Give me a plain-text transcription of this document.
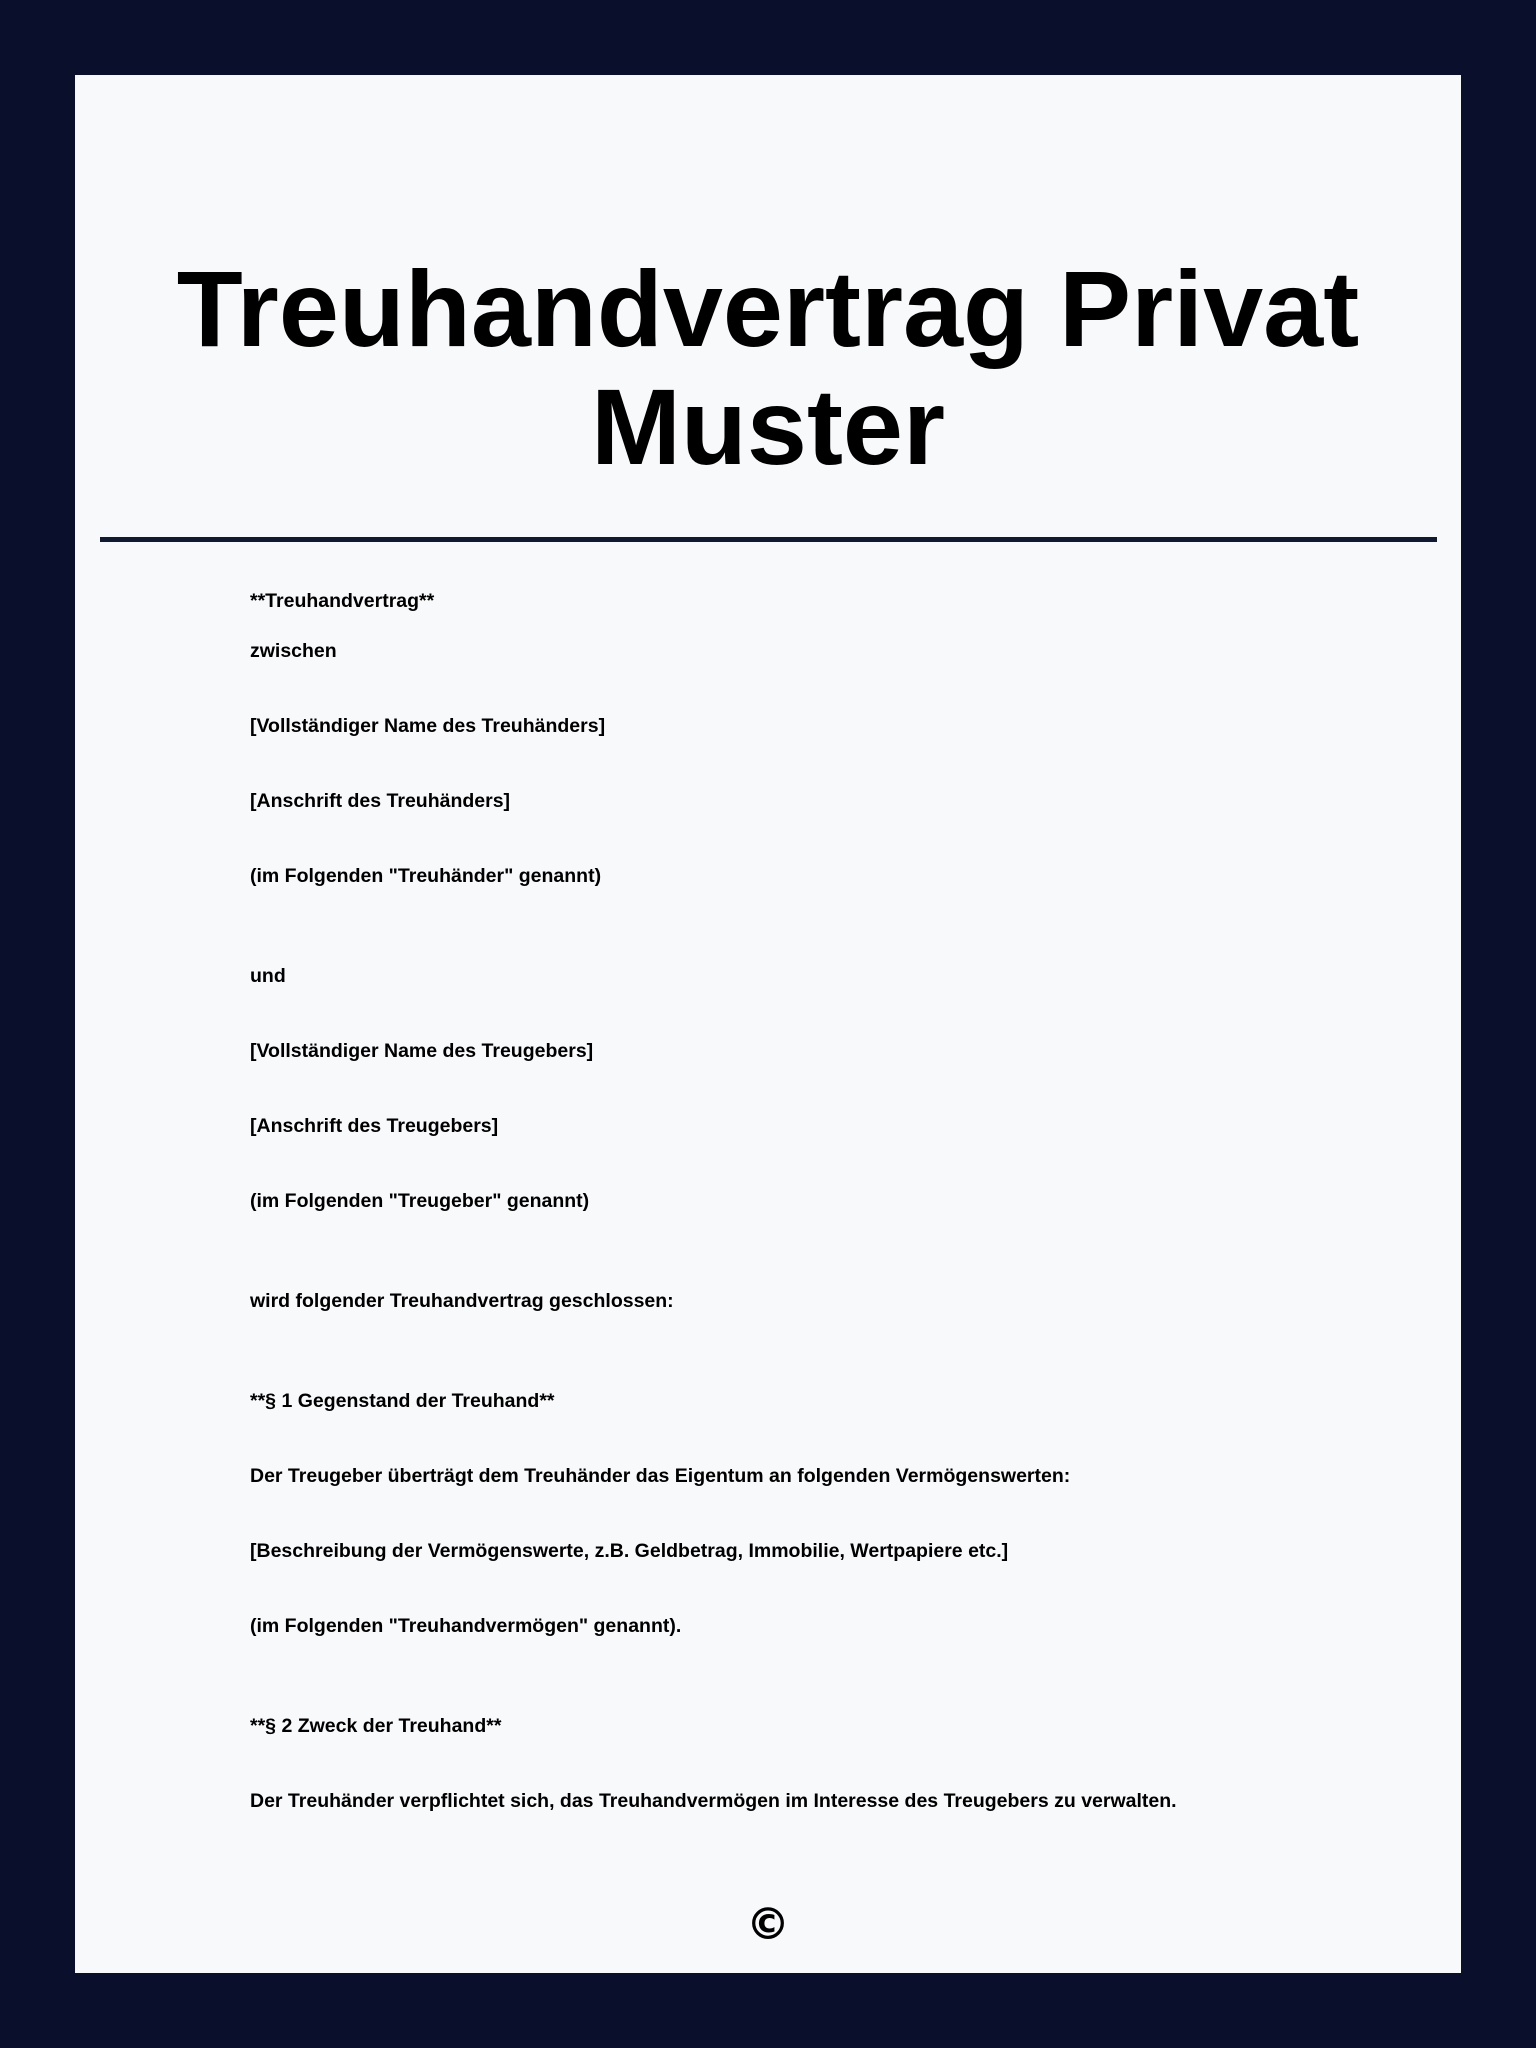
Treuhandvertrag Privat Muster

**Treuhandvertrag**

zwischen

[Vollständiger Name des Treuhänders]

[Anschrift des Treuhänders]

(im Folgenden "Treuhänder" genannt)

und

[Vollständiger Name des Treugebers]

[Anschrift des Treugebers]

(im Folgenden "Treugeber" genannt)

wird folgender Treuhandvertrag geschlossen:

**§ 1 Gegenstand der Treuhand**

Der Treugeber überträgt dem Treuhänder das Eigentum an folgenden Vermögenswerten:

[Beschreibung der Vermögenswerte, z.B. Geldbetrag, Immobilie, Wertpapiere etc.]

(im Folgenden "Treuhandvermögen" genannt).

**§ 2 Zweck der Treuhand**

Der Treuhänder verpflichtet sich, das Treuhandvermögen im Interesse des Treugebers zu verwalten.

©
